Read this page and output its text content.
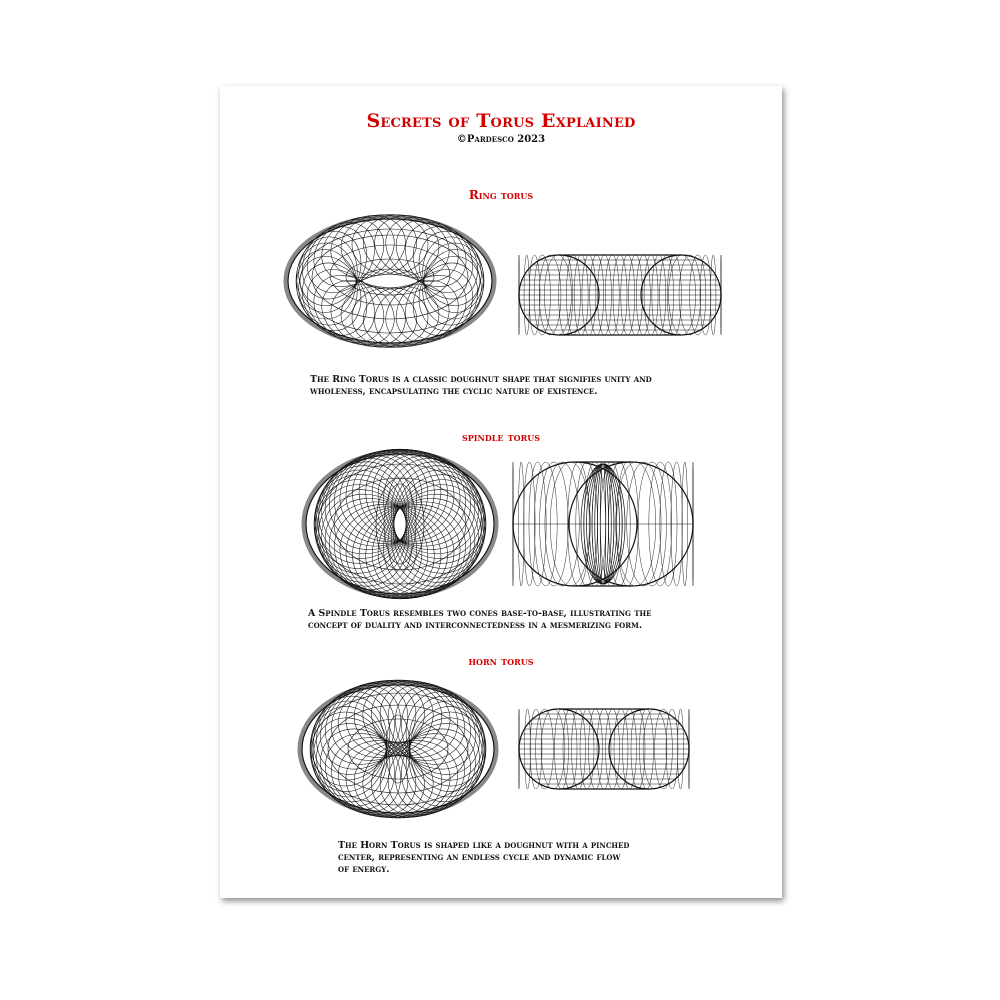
Secrets of Torus Explained
©Pardesco 2023
Ring torus
The Ring Torus is a classic doughnut shape that signifies unity and
wholeness, encapsulating the cyclic nature of existence.
spindle torus
A Spindle Torus resembles two cones base-to-base, illustrating the
concept of duality and interconnectedness in a mesmerizing form.
horn torus
The Horn Torus is shaped like a doughnut with a pinched
center, representing an endless cycle and dynamic flow
of energy.
